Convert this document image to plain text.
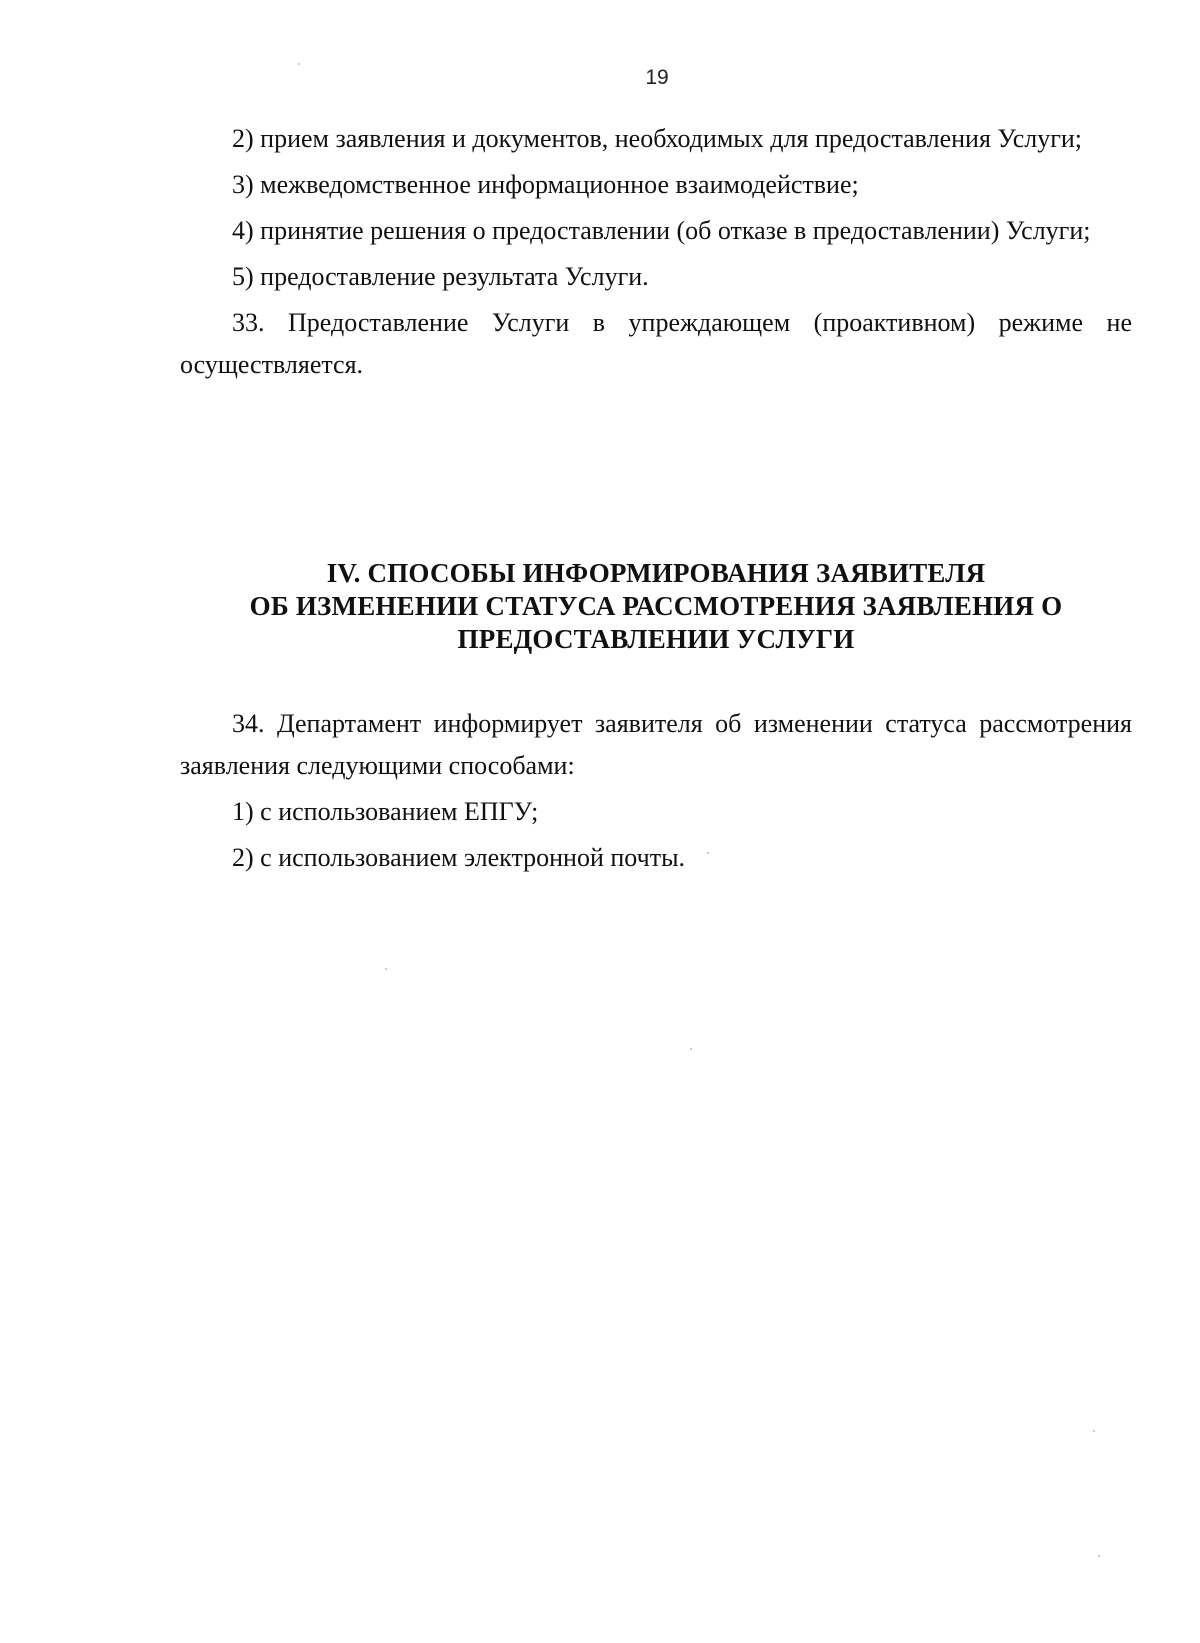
19

2) прием заявления и документов, необходимых для предоставления Услуги;

3) межведомственное информационное взаимодействие;

4) принятие решения о предоставлении (об отказе в предоставлении) Услуги;

5) предоставление результата Услуги.

33. Предоставление Услуги в упреждающем (проактивном) режиме не осуществляется.

IV. СПОСОБЫ ИНФОРМИРОВАНИЯ ЗАЯВИТЕЛЯ
ОБ ИЗМЕНЕНИИ СТАТУСА РАССМОТРЕНИЯ ЗАЯВЛЕНИЯ О
ПРЕДОСТАВЛЕНИИ УСЛУГИ

34. Департамент информирует заявителя об изменении статуса рассмотрения заявления следующими способами:

1) с использованием ЕПГУ;

2) с использованием электронной почты.
